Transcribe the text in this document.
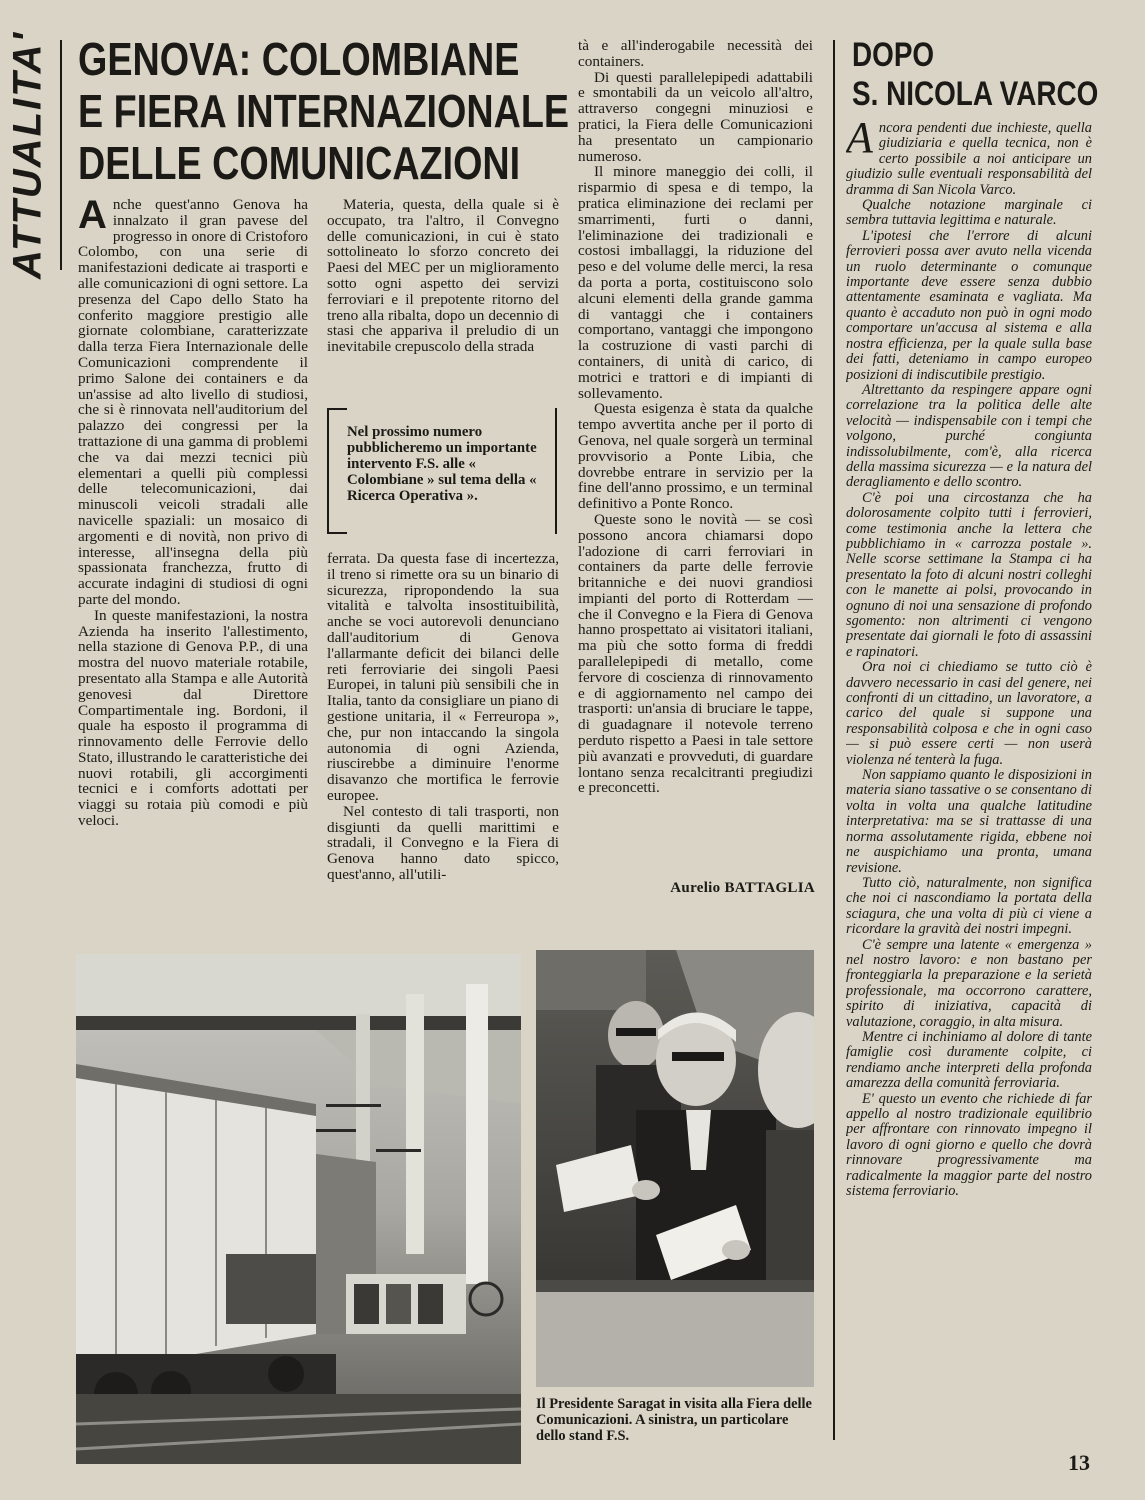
ATTUALITA' GENOVA: COLOMBIANE
E FIERA INTERNAZIONALE
DELLE COMUNICAZIONI
DOPO
S. NICOLA VARCO

Anche quest'anno Genova ha innalzato il gran pavese del progresso in onore di Cristoforo Colombo, con una serie di manifestazioni dedicate ai trasporti e alle comunicazioni di ogni settore. La presenza del Capo dello Stato ha conferito maggiore prestigio alle giornate colombiane, caratterizzate dalla terza Fiera Internazionale delle Comunicazioni comprendente il primo Salone dei containers e da un'assise ad alto livello di studiosi, che si è rinnovata nell'auditorium del palazzo dei congressi per la trattazione di una gamma di problemi che va dai mezzi tecnici più elementari a quelli più complessi delle telecomunicazioni, dai minuscoli veicoli stradali alle navicelle spaziali: un mosaico di argomenti e di novità, non privo di interesse, all'insegna della più spassionata franchezza, frutto di accurate indagini di studiosi di ogni parte del mondo.

In queste manifestazioni, la nostra Azienda ha inserito l'allestimento, nella stazione di Genova P.P., di una mostra del nuovo materiale rotabile, presentato alla Stampa e alle Autorità genovesi dal Direttore Compartimentale ing. Bordoni, il quale ha esposto il programma di rinnovamento delle Ferrovie dello Stato, illustrando le caratteristiche dei nuovi rotabili, gli accorgimenti tecnici e i comforts adottati per viaggi su rotaia più comodi e più veloci.

Materia, questa, della quale si è occupato, tra l'altro, il Convegno delle comunicazioni, in cui è stato sottolineato lo sforzo concreto dei Paesi del MEC per un miglioramento sotto ogni aspetto dei servizi ferroviari e il prepotente ritorno del treno alla ribalta, dopo un decennio di stasi che appariva il preludio di un inevitabile crepuscolo della strada

Nel prossimo numero pubblicheremo un importante intervento F.S. alle « Colombiane » sul tema della « Ricerca Operativa ».

ferrata. Da questa fase di incertezza, il treno si rimette ora su un binario di sicurezza, ripropondendo la sua vitalità e talvolta insostituibilità, anche se voci autorevoli denunciano dall'auditorium di Genova l'allarmante deficit dei bilanci delle reti ferroviarie dei singoli Paesi Europei, in taluni più sensibili che in Italia, tanto da consigliare un piano di gestione unitaria, il « Ferreuropa », che, pur non intaccando la singola autonomia di ogni Azienda, riuscirebbe a diminuire l'enorme disavanzo che mortifica le ferrovie europee.

Nel contesto di tali trasporti, non disgiunti da quelli marittimi e stradali, il Convegno e la Fiera di Genova hanno dato spicco, quest'anno, all'utili-

tà e all'inderogabile necessità dei containers.

Di questi parallelepipedi adattabili e smontabili da un veicolo all'altro, attraverso congegni minuziosi e pratici, la Fiera delle Comunicazioni ha presentato un campionario numeroso.

Il minore maneggio dei colli, il risparmio di spesa e di tempo, la pratica eliminazione dei reclami per smarrimenti, furti o danni, l'eliminazione dei tradizionali e costosi imballaggi, la riduzione del peso e del volume delle merci, la resa da porta a porta, costituiscono solo alcuni elementi della grande gamma di vantaggi che i containers comportano, vantaggi che impongono la costruzione di vasti parchi di containers, di unità di carico, di motrici e trattori e di impianti di sollevamento.

Questa esigenza è stata da qualche tempo avvertita anche per il porto di Genova, nel quale sorgerà un terminal provvisorio a Ponte Libia, che dovrebbe entrare in servizio per la fine dell'anno prossimo, e un terminal definitivo a Ponte Ronco.

Queste sono le novità — se così possono ancora chiamarsi dopo l'adozione di carri ferroviari in containers da parte delle ferrovie britanniche e dei nuovi grandiosi impianti del porto di Rotterdam — che il Convegno e la Fiera di Genova hanno prospettato ai visitatori italiani, ma più che sotto forma di freddi parallelepipedi di metallo, come fervore di coscienza di rinnovamento e di aggiornamento nel campo dei trasporti: un'ansia di bruciare le tappe, di guadagnare il notevole terreno perduto rispetto a Paesi in tale settore più avanzati e provveduti, di guardare lontano senza recalcitranti pregiudizi e preconcetti.

Aurelio BATTAGLIA

Ancora pendenti due inchieste, quella giudiziaria e quella tecnica, non è certo possibile a noi anticipare un giudizio sulle eventuali responsabilità del dramma di San Nicola Varco.

Qualche notazione marginale ci sembra tuttavia legittima e naturale.

L'ipotesi che l'errore di alcuni ferrovieri possa aver avuto nella vicenda un ruolo determinante o comunque importante deve essere senza dubbio attentamente esaminata e vagliata. Ma quanto è accaduto non può in ogni modo comportare un'accusa al sistema e alla nostra efficienza, per la quale sulla base dei fatti, deteniamo in campo europeo posizioni di indiscutibile prestigio.

Altrettanto da respingere appare ogni correlazione tra la politica delle alte velocità — indispensabile con i tempi che volgono, purché congiunta indissolubilmente, com'è, alla ricerca della massima sicurezza — e la natura del deragliamento e dello scontro.

C'è poi una circostanza che ha dolorosamente colpito tutti i ferrovieri, come testimonia anche la lettera che pubblichiamo in « carrozza postale ». Nelle scorse settimane la Stampa ci ha presentato la foto di alcuni nostri colleghi con le manette ai polsi, provocando in ognuno di noi una sensazione di profondo sgomento: non altrimenti ci vengono presentate dai giornali le foto di assassini e rapinatori.

Ora noi ci chiediamo se tutto ciò è davvero necessario in casi del genere, nei confronti di un cittadino, un lavoratore, a carico del quale si suppone una responsabilità colposa e che in ogni caso — si può essere certi — non userà violenza né tenterà la fuga.

Non sappiamo quanto le disposizioni in materia siano tassative o se consentano di volta in volta una qualche latitudine interpretativa: ma se si trattasse di una norma assolutamente rigida, ebbene noi ne auspichiamo una pronta, umana revisione.

Tutto ciò, naturalmente, non significa che noi ci nascondiamo la portata della sciagura, che una volta di più ci viene a ricordare la gravità dei nostri impegni.

C'è sempre una latente « emergenza » nel nostro lavoro: e non bastano per fronteggiarla la preparazione e la serietà professionale, ma occorrono carattere, spirito di iniziativa, capacità di valutazione, coraggio, in alta misura.

Mentre ci inchiniamo al dolore di tante famiglie così duramente colpite, ci rendiamo anche interpreti della profonda amarezza della comunità ferroviaria.

E' questo un evento che richiede di far appello al nostro tradizionale equilibrio per affrontare con rinnovato impegno il lavoro di ogni giorno e quello che dovrà rinnovare progressivamente ma radicalmente la maggior parte del nostro sistema ferroviario.

Il Presidente Saragat in visita alla Fiera delle Comunicazioni. A sinistra, un particolare dello stand F.S.
13
